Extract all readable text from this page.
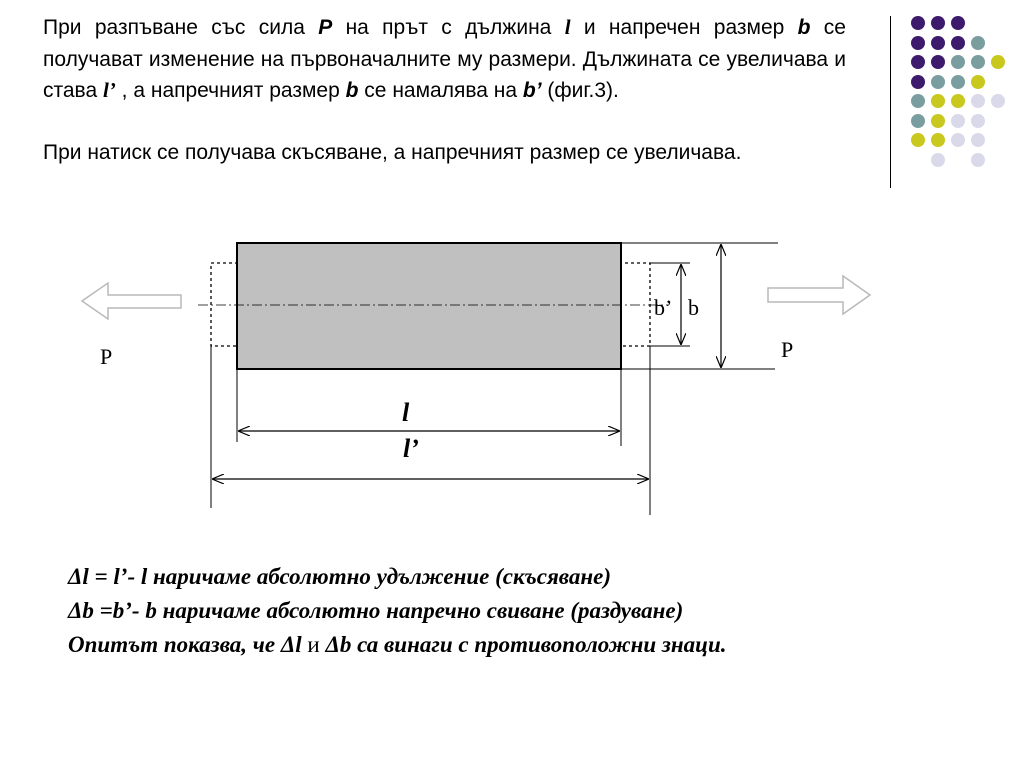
При разпъване със сила P на прът с дължина l и напречен размер b се получават изменение на първоначалните му размери. Дължината се увеличава и става l’ , а напречният размер b се намалява на b’ (фиг.3).
При натиск се получава скъсяване, а напречният размер се увеличава.
P	P
b’ b
l
l’
Δl = l’- l наричаме абсолютно удължение (скъсяване)
Δb =b’- b наричаме абсолютно напречно свиване (раздуване)
Опитът показва, че Δl и Δb са винаги с противоположни знаци.
